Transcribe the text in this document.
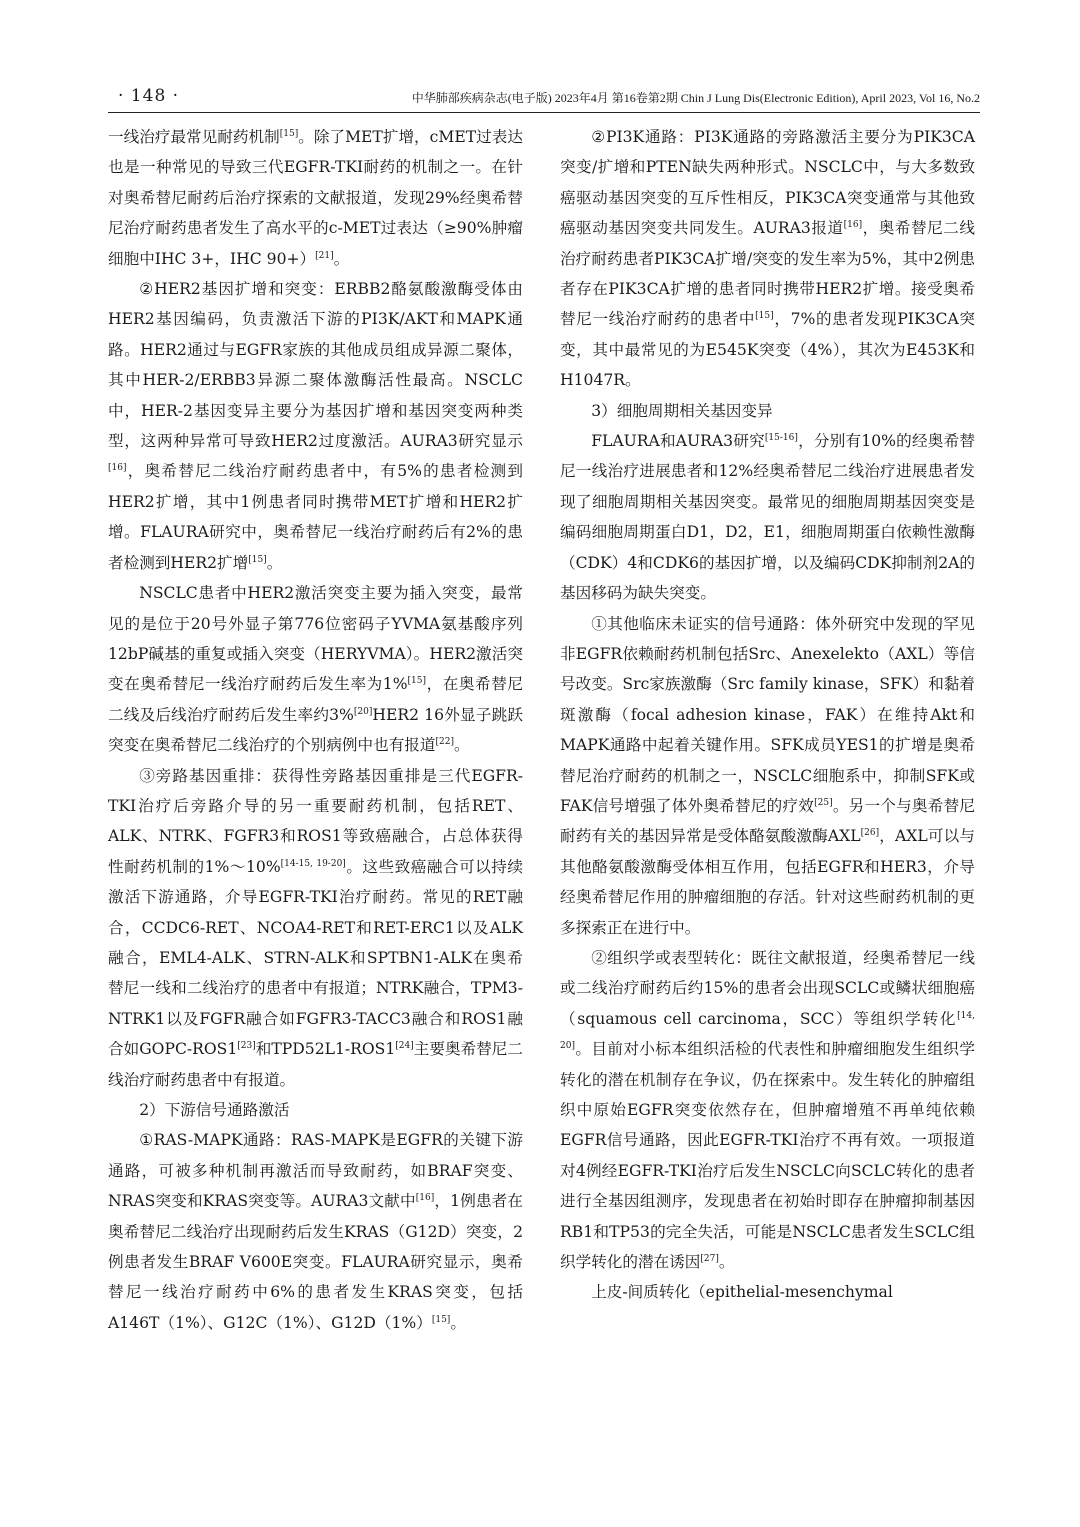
· 148 ·	中华肺部疾病杂志(电子版) 2023年4月 第16卷第2期 Chin J Lung Dis(Electronic Edition), April 2023, Vol 16, No.2

一线治疗最常见耐药机制[15]。除了MET扩增，cMET过表达也是一种常见的导致三代EGFR-TKI耐药的机制之一。在针对奥希替尼耐药后治疗探索的文献报道，发现29%经奥希替尼治疗耐药患者发生了高水平的c-MET过表达（≥90%肿瘤细胞中IHC 3+，IHC 90+）[21]。

②HER2基因扩增和突变：ERBB2酪氨酸激酶受体由HER2基因编码，负责激活下游的PI3K/AKT和MAPK通路。HER2通过与EGFR家族的其他成员组成异源二聚体，其中HER-2/ERBB3异源二聚体激酶活性最高。NSCLC中，HER-2基因变异主要分为基因扩增和基因突变两种类型，这两种异常可导致HER2过度激活。AURA3研究显示[16]，奥希替尼二线治疗耐药患者中，有5%的患者检测到HER2扩增，其中1例患者同时携带MET扩增和HER2扩增。FLAURA研究中，奥希替尼一线治疗耐药后有2%的患者检测到HER2扩增[15]。

NSCLC患者中HER2激活突变主要为插入突变，最常见的是位于20号外显子第776位密码子YVMA氨基酸序列12bP碱基的重复或插入突变（HERYVMA）。HER2激活突变在奥希替尼一线治疗耐药后发生率为1%[15]，在奥希替尼二线及后线治疗耐药后发生率约3%[20]HER2 16外显子跳跃突变在奥希替尼二线治疗的个别病例中也有报道[22]。

③旁路基因重排：获得性旁路基因重排是三代EGFR-TKI治疗后旁路介导的另一重要耐药机制，包括RET、ALK、NTRK、FGFR3和ROS1等致癌融合，占总体获得性耐药机制的1%～10%[14-15, 19-20]。这些致癌融合可以持续激活下游通路，介导EGFR-TKI治疗耐药。常见的RET融合，CCDC6-RET、NCOA4-RET和RET-ERC1以及ALK融合，EML4-ALK、STRN-ALK和SPTBN1-ALK在奥希替尼一线和二线治疗的患者中有报道；NTRK融合，TPM3-NTRK1以及FGFR融合如FGFR3-TACC3融合和ROS1融合如GOPC-ROS1[23]和TPD52L1-ROS1[24]主要奥希替尼二线治疗耐药患者中有报道。

2）下游信号通路激活

①RAS-MAPK通路：RAS-MAPK是EGFR的关键下游通路，可被多种机制再激活而导致耐药，如BRAF突变、NRAS突变和KRAS突变等。AURA3文献中[16]，1例患者在奥希替尼二线治疗出现耐药后发生KRAS（G12D）突变，2例患者发生BRAF V600E突变。FLAURA研究显示，奥希替尼一线治疗耐药中6%的患者发生KRAS突变，包括A146T（1%）、G12C（1%）、G12D（1%）[15]。

②PI3K通路：PI3K通路的旁路激活主要分为PIK3CA突变/扩增和PTEN缺失两种形式。NSCLC中，与大多数致癌驱动基因突变的互斥性相反，PIK3CA突变通常与其他致癌驱动基因突变共同发生。AURA3报道[16]，奥希替尼二线治疗耐药患者PIK3CA扩增/突变的发生率为5%，其中2例患者存在PIK3CA扩增的患者同时携带HER2扩增。接受奥希替尼一线治疗耐药的患者中[15]，7%的患者发现PIK3CA突变，其中最常见的为E545K突变（4%），其次为E453K和H1047R。

3）细胞周期相关基因变异

FLAURA和AURA3研究[15-16]，分别有10%的经奥希替尼一线治疗进展患者和12%经奥希替尼二线治疗进展患者发现了细胞周期相关基因突变。最常见的细胞周期基因突变是编码细胞周期蛋白D1，D2，E1，细胞周期蛋白依赖性激酶（CDK）4和CDK6的基因扩增，以及编码CDK抑制剂2A的基因移码为缺失突变。

①其他临床未证实的信号通路：体外研究中发现的罕见非EGFR依赖耐药机制包括Src、Anexelekto（AXL）等信号改变。Src家族激酶（Src family kinase，SFK）和黏着斑激酶（focal adhesion kinase，FAK）在维持Akt和MAPK通路中起着关键作用。SFK成员YES1的扩增是奥希替尼治疗耐药的机制之一，NSCLC细胞系中，抑制SFK或FAK信号增强了体外奥希替尼的疗效[25]。另一个与奥希替尼耐药有关的基因异常是受体酪氨酸激酶AXL[26]，AXL可以与其他酪氨酸激酶受体相互作用，包括EGFR和HER3，介导经奥希替尼作用的肿瘤细胞的存活。针对这些耐药机制的更多探索正在进行中。

②组织学或表型转化：既往文献报道，经奥希替尼一线或二线治疗耐药后约15%的患者会出现SCLC或鳞状细胞癌（squamous cell carcinoma，SCC）等组织学转化[14, 20]。目前对小标本组织活检的代表性和肿瘤细胞发生组织学转化的潜在机制存在争议，仍在探索中。发生转化的肿瘤组织中原始EGFR突变依然存在，但肿瘤增殖不再单纯依赖EGFR信号通路，因此EGFR-TKI治疗不再有效。一项报道对4例经EGFR-TKI治疗后发生NSCLC向SCLC转化的患者进行全基因组测序，发现患者在初始时即存在肿瘤抑制基因RB1和TP53的完全失活，可能是NSCLC患者发生SCLC组织学转化的潜在诱因[27]。

上皮-间质转化（epithelial-mesenchymal
